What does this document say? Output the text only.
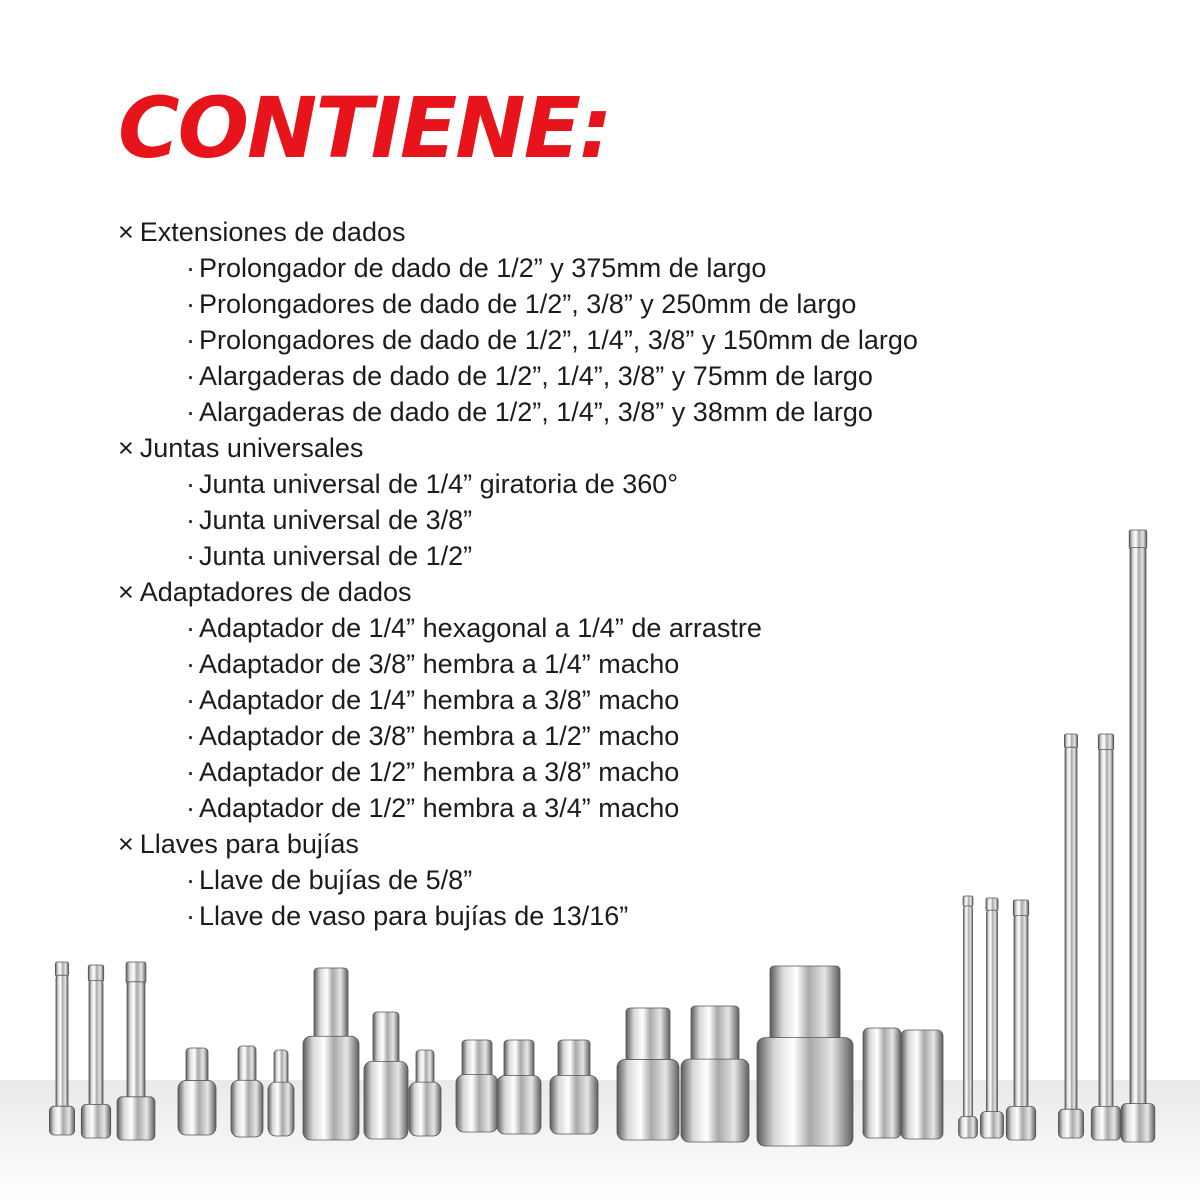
CONTIENE:
× Extensiones de dados
· Prolongador de dado de 1/2” y 375mm de largo
· Prolongadores de dado de 1/2”, 3/8” y 250mm de largo
· Prolongadores de dado de 1/2”, 1/4”, 3/8” y 150mm de largo
· Alargaderas de dado de 1/2”, 1/4”, 3/8” y 75mm de largo
· Alargaderas de dado de 1/2”, 1/4”, 3/8” y 38mm de largo
× Juntas universales
· Junta universal de 1/4” giratoria de 360°
· Junta universal de 3/8”
· Junta universal de 1/2”
× Adaptadores de dados
· Adaptador de 1/4” hexagonal a 1/4” de arrastre
· Adaptador de 3/8” hembra a 1/4” macho
· Adaptador de 1/4” hembra a 3/8” macho
· Adaptador de 3/8” hembra a 1/2” macho
· Adaptador de 1/2” hembra a 3/8” macho
· Adaptador de 1/2” hembra a 3/4” macho
× Llaves para bujías
· Llave de bujías de 5/8”
· Llave de vaso para bujías de 13/16”
